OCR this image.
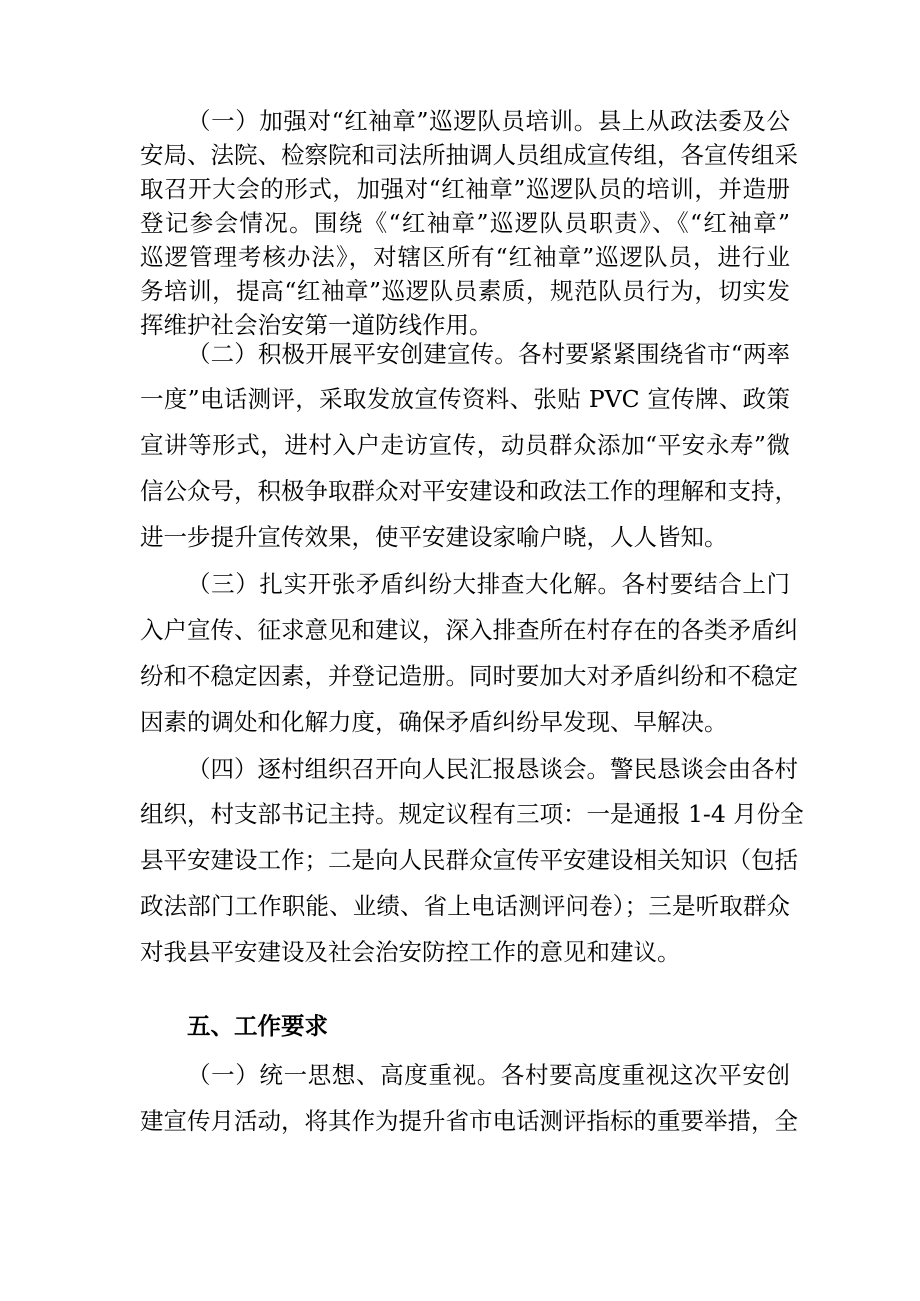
（一）加强对“红袖章”巡逻队员培训。县上从政法委及公
安局、法院、检察院和司法所抽调人员组成宣传组，各宣传组采
取召开大会的形式，加强对“红袖章”巡逻队员的培训，并造册
登记参会情况。围绕《“红袖章”巡逻队员职责》、《“红袖章”
巡逻管理考核办法》，对辖区所有“红袖章”巡逻队员，进行业
务培训，提高“红袖章”巡逻队员素质，规范队员行为，切实发
挥维护社会治安第一道防线作用。
（二）积极开展平安创建宣传。各村要紧紧围绕省市“两率
一度”电话测评，采取发放宣传资料、张贴 PVC 宣传牌、政策
宣讲等形式，进村入户走访宣传，动员群众添加“平安永寿”微
信公众号，积极争取群众对平安建设和政法工作的理解和支持，
进一步提升宣传效果，使平安建设家喻户晓，人人皆知。
（三）扎实开张矛盾纠纷大排查大化解。各村要结合上门
入户宣传、征求意见和建议，深入排查所在村存在的各类矛盾纠
纷和不稳定因素，并登记造册。同时要加大对矛盾纠纷和不稳定
因素的调处和化解力度，确保矛盾纠纷早发现、早解决。
（四）逐村组织召开向人民汇报恳谈会。警民恳谈会由各村
组织，村支部书记主持。规定议程有三项：一是通报 1-4 月份全
县平安建设工作；二是向人民群众宣传平安建设相关知识（包括
政法部门工作职能、业绩、省上电话测评问卷）；三是听取群众
对我县平安建设及社会治安防控工作的意见和建议。
五、工作要求
（一）统一思想、高度重视。各村要高度重视这次平安创
建宣传月活动，将其作为提升省市电话测评指标的重要举措，全
